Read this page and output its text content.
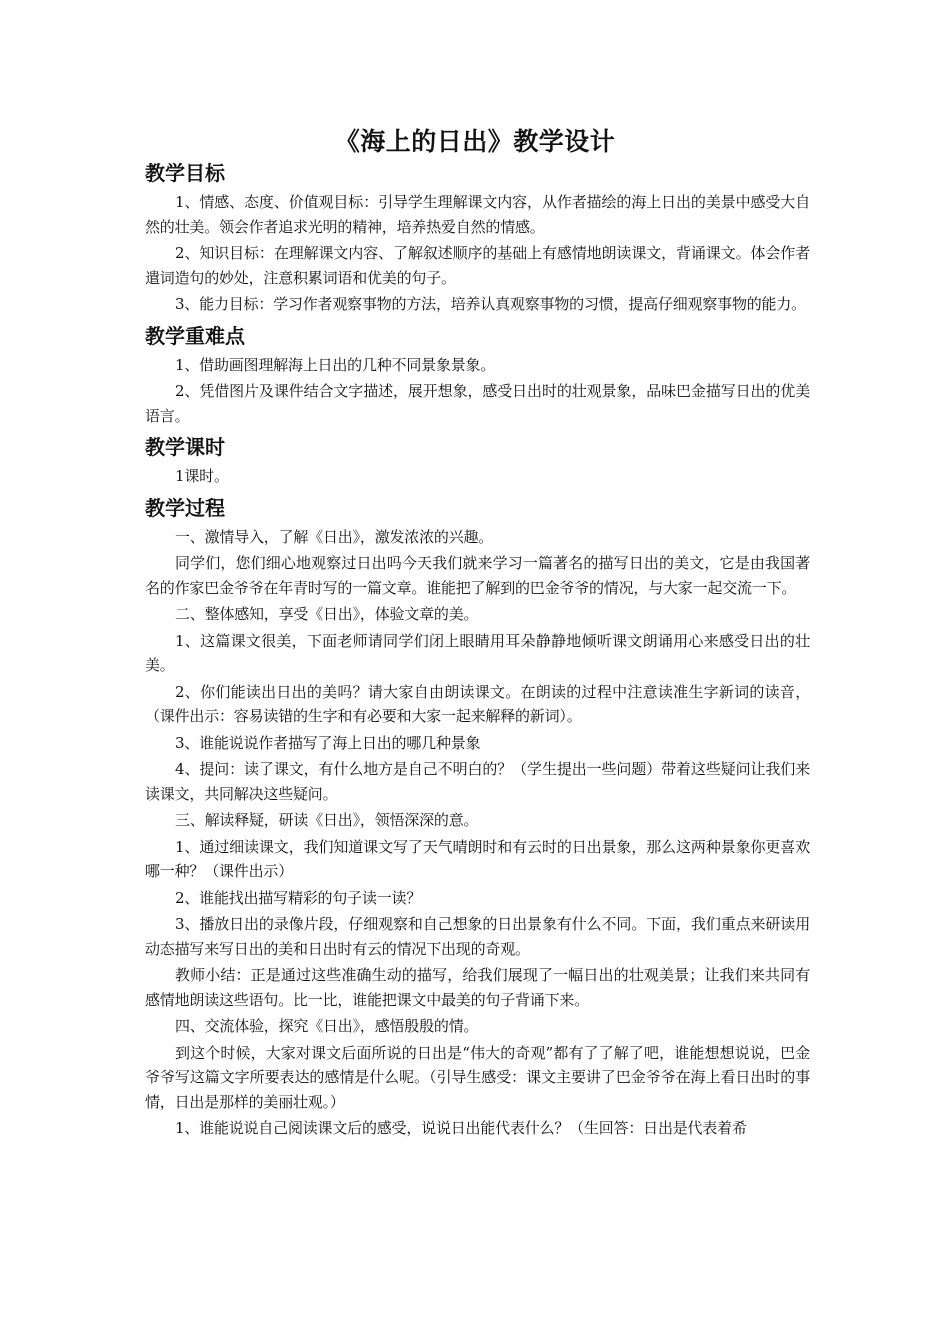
《海上的日出》教学设计
教学目标

1、情感、态度、价值观目标：引导学生理解课文内容，从作者描绘的海上日出的美景中感受大自然的壮美。领会作者追求光明的精神，培养热爱自然的情感。

2、知识目标：在理解课文内容、了解叙述顺序的基础上有感情地朗读课文，背诵课文。体会作者遣词造句的妙处，注意积累词语和优美的句子。

3、能力目标：学习作者观察事物的方法，培养认真观察事物的习惯，提高仔细观察事物的能力。

教学重难点

1、借助画图理解海上日出的几种不同景象景象。

2、凭借图片及课件结合文字描述，展开想象，感受日出时的壮观景象，品味巴金描写日出的优美语言。

教学课时

1课时。

教学过程

一、激情导入，了解《日出》，激发浓浓的兴趣。

同学们，您们细心地观察过日出吗今天我们就来学习一篇著名的描写日出的美文，它是由我国著名的作家巴金爷爷在年青时写的一篇文章。谁能把了解到的巴金爷爷的情况，与大家一起交流一下。

二、整体感知，享受《日出》，体验文章的美。

1、这篇课文很美，下面老师请同学们闭上眼睛用耳朵静静地倾听课文朗诵用心来感受日出的壮美。

2、你们能读出日出的美吗？请大家自由朗读课文。在朗读的过程中注意读准生字新词的读音，（课件出示：容易读错的生字和有必要和大家一起来解释的新词）。

3、谁能说说作者描写了海上日出的哪几种景象

4、提问：读了课文，有什么地方是自己不明白的？（学生提出一些问题）带着这些疑问让我们来读课文，共同解决这些疑问。

三、解读释疑，研读《日出》，领悟深深的意。

1、通过细读课文，我们知道课文写了天气晴朗时和有云时的日出景象，那么这两种景象你更喜欢哪一种？（课件出示）

2、谁能找出描写精彩的句子读一读？

3、播放日出的录像片段，仔细观察和自己想象的日出景象有什么不同。下面，我们重点来研读用动态描写来写日出的美和日出时有云的情况下出现的奇观。

教师小结：正是通过这些准确生动的描写，给我们展现了一幅日出的壮观美景；让我们来共同有感情地朗读这些语句。比一比，谁能把课文中最美的句子背诵下来。

四、交流体验，探究《日出》，感悟殷殷的情。

到这个时候，大家对课文后面所说的日出是“伟大的奇观”都有了了解了吧，谁能想想说说，巴金爷爷写这篇文字所要表达的感情是什么呢。（引导生感受：课文主要讲了巴金爷爷在海上看日出时的事情，日出是那样的美丽壮观。）

1、谁能说说自己阅读课文后的感受，说说日出能代表什么？（生回答：日出是代表着希
